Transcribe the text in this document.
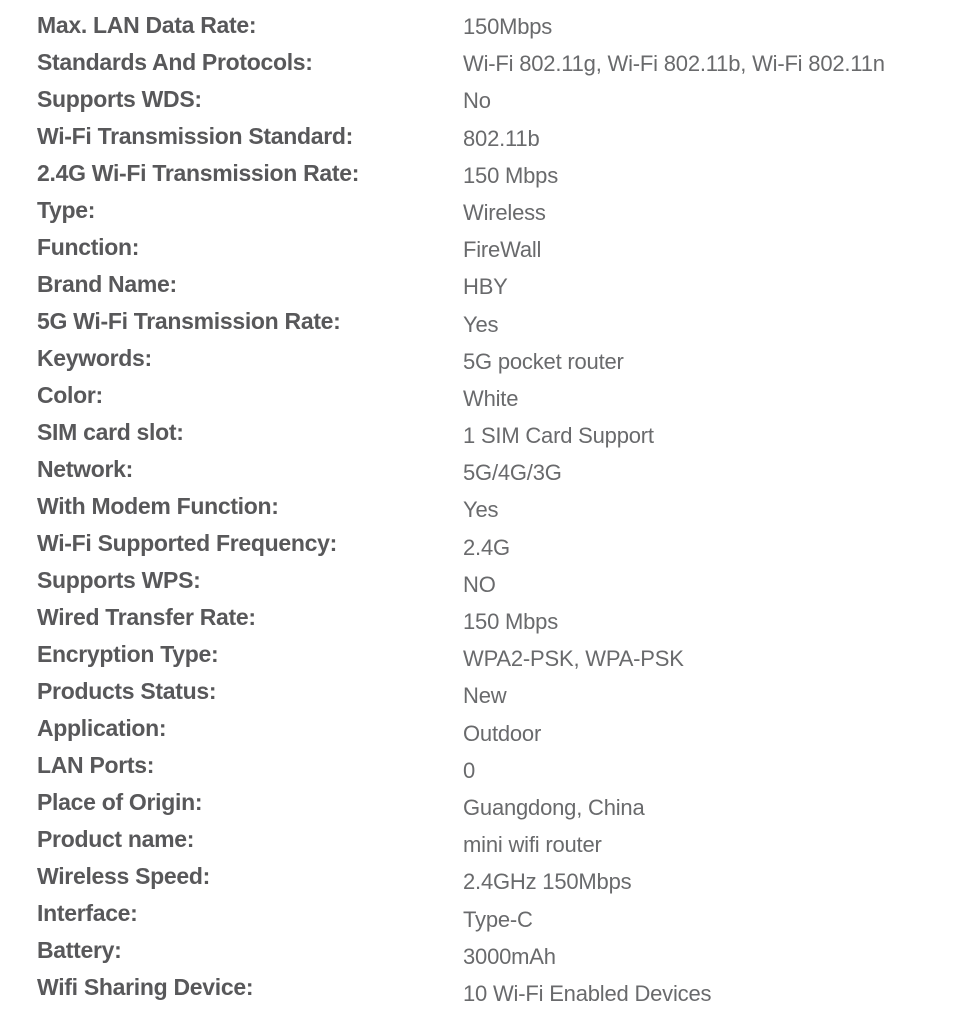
Max. LAN Data Rate:
Standards And Protocols:
Supports WDS:
Wi-Fi Transmission Standard:
2.4G Wi-Fi Transmission Rate:
Type:
Function:
Brand Name:
5G Wi-Fi Transmission Rate:
Keywords:
Color:
SIM card slot:
Network:
With Modem Function:
Wi-Fi Supported Frequency:
Supports WPS:
Wired Transfer Rate:
Encryption Type:
Products Status:
Application:
LAN Ports:
Place of Origin:
Product name:
Wireless Speed:
Interface:
Battery:
Wifi Sharing Device:
150Mbps
Wi-Fi 802.11g, Wi-Fi 802.11b, Wi-Fi 802.11n
No
802.11b
150 Mbps
Wireless
FireWall
HBY
Yes
5G pocket router
White
1 SIM Card Support
5G/4G/3G
Yes
2.4G
NO
150 Mbps
WPA2-PSK, WPA-PSK
New
Outdoor
0
Guangdong, China
mini wifi router
2.4GHz 150Mbps
Type-C
3000mAh
10 Wi-Fi Enabled Devices
